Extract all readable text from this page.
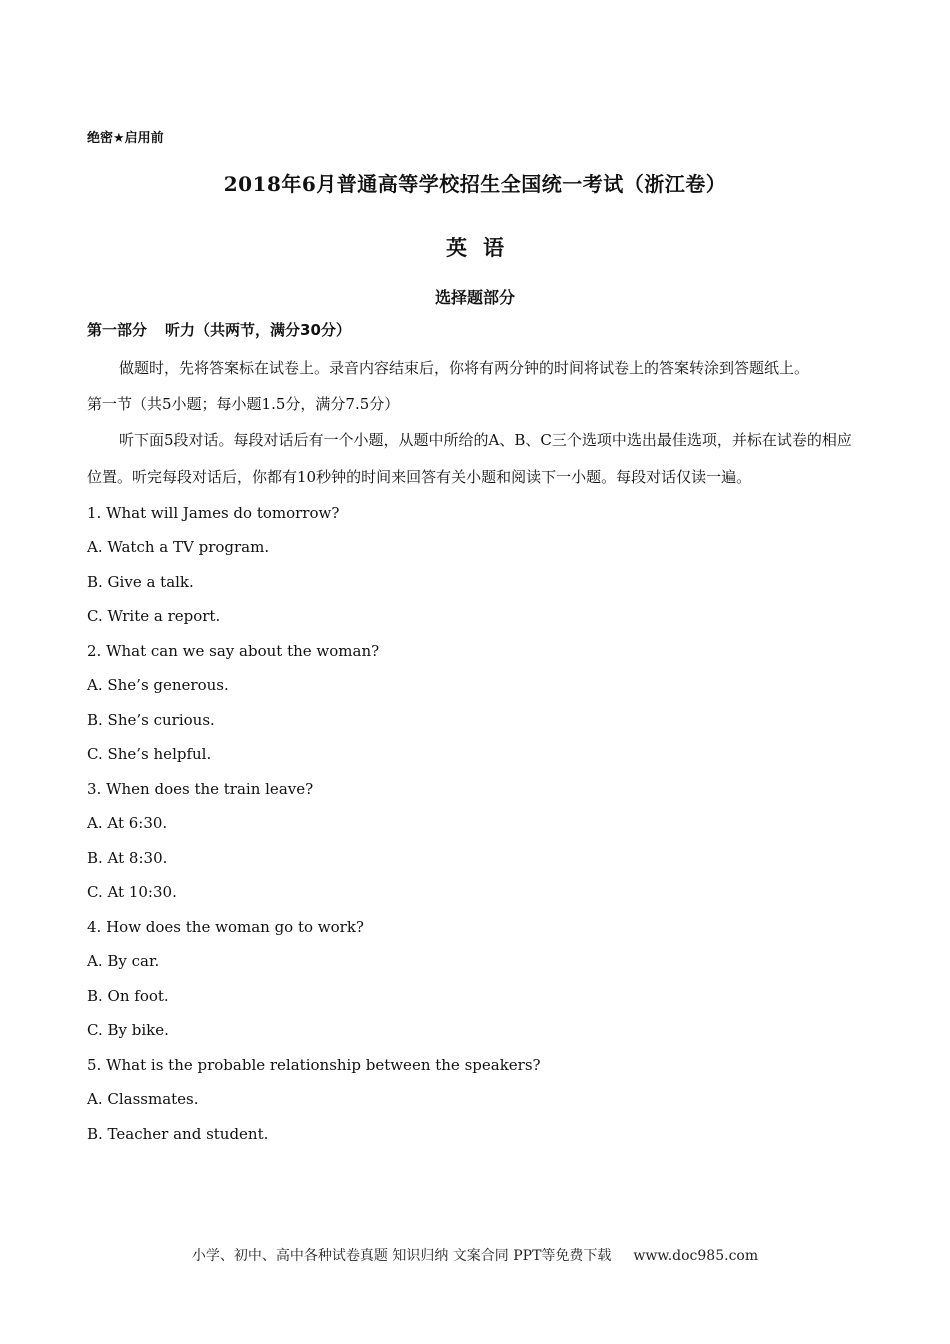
绝密★启用前
2018年6月普通高等学校招生全国统一考试（浙江卷）
英语
选择题部分
第一部分 听力（共两节，满分30分）

做题时，先将答案标在试卷上。录音内容结束后，你将有两分钟的时间将试卷上的答案转涂到答题纸上。

第一节（共5小题；每小题1.5分，满分7.5分）

听下面5段对话。每段对话后有一个小题，从题中所给的A、B、C三个选项中选出最佳选项，并标在试卷的相应位置。听完每段对话后，你都有10秒钟的时间来回答有关小题和阅读下一小题。每段对话仅读一遍。

1. What will James do tomorrow?
A. Watch a TV program.
B. Give a talk.
C. Write a report.
2. What can we say about the woman?
A. She’s generous.
B. She’s curious.
C. She’s helpful.
3. When does the train leave?
A. At 6:30.
B. At 8:30.
C. At 10:30.
4. How does the woman go to work?
A. By car.
B. On foot.
C. By bike.
5. What is the probable relationship between the speakers?
A. Classmates.
B. Teacher and student.
小学、初中、高中各种试卷真题 知识归纳 文案合同 PPT等免费下载 www.doc985.com
